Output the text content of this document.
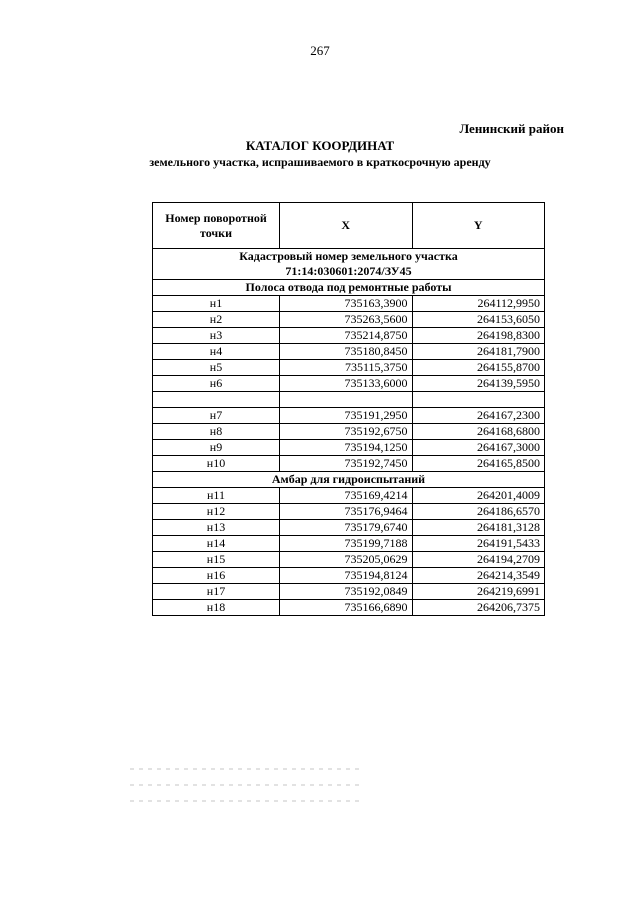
267
Ленинский район
КАТАЛОГ КООРДИНАТ
земельного участка, испрашиваемого в краткосрочную аренду
Номер поворотной точки	X	Y

Кадастровый номер земельного участка
71:14:030601:2074/ЗУ45		

Полоса отвода под ремонтные работы		
н1	735163,3900	264112,9950
н2	735263,5600	264153,6050
н3	735214,8750	264198,8300
н4	735180,8450	264181,7900
н5	735115,3750	264155,8700
н6	735133,6000	264139,5950

н7	735191,2950	264167,2300
н8	735192,6750	264168,6800
н9	735194,1250	264167,3000
н10	735192,7450	264165,8500
Амбар для гидроиспытаний		
н11	735169,4214	264201,4009
н12	735176,9464	264186,6570
н13	735179,6740	264181,3128
н14	735199,7188	264191,5433
н15	735205,0629	264194,2709
н16	735194,8124	264214,3549
н17	735192,0849	264219,6991
н18	735166,6890	264206,7375
